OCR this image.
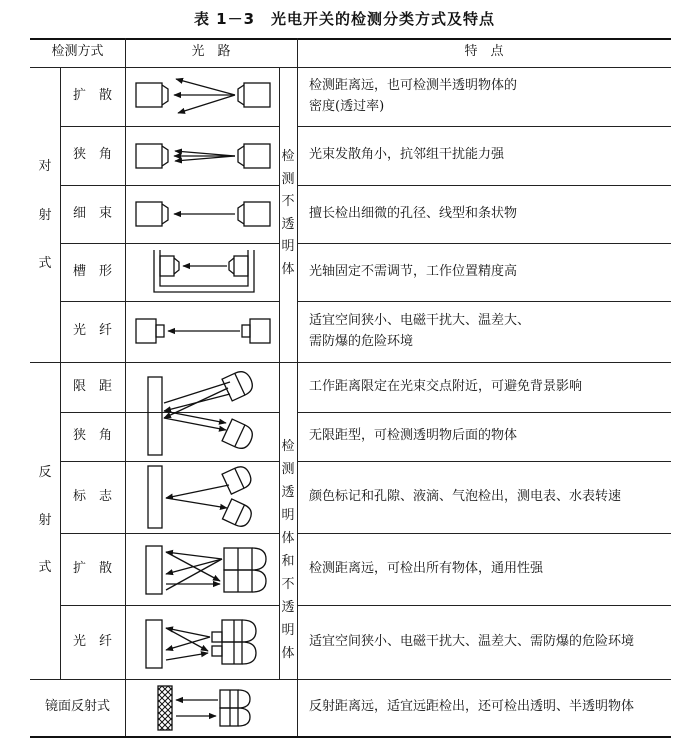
表 1－3　光电开关的检测分类方式及特点
检测方式	光　路	特　点
对
射
式
反
射
式
镜面反射式
检
测
不
透
明
体
检
测
透
明
体
和
不
透
明
体
扩　散
狭　角
细　束
槽　形
光　纤
限　距
狭　角
标　志
扩　散
光　纤
检测距离远，也可检测半透明物体的
密度(透过率)
光束发散角小，抗邻组干扰能力强
擅长检出细微的孔径、线型和条状物
光轴固定不需调节，工作位置精度高
适宜空间狭小、电磁干扰大、温差大、
需防爆的危险环境
工作距离限定在光束交点附近，可避免背景影响
无限距型，可检测透明物后面的物体
颜色标记和孔隙、液滴、气泡检出，测电表、水表转速
检测距离远，可检出所有物体，通用性强
适宜空间狭小、电磁干扰大、温差大、需防爆的危险环境
反射距离远，适宜远距检出，还可检出透明、半透明物体
